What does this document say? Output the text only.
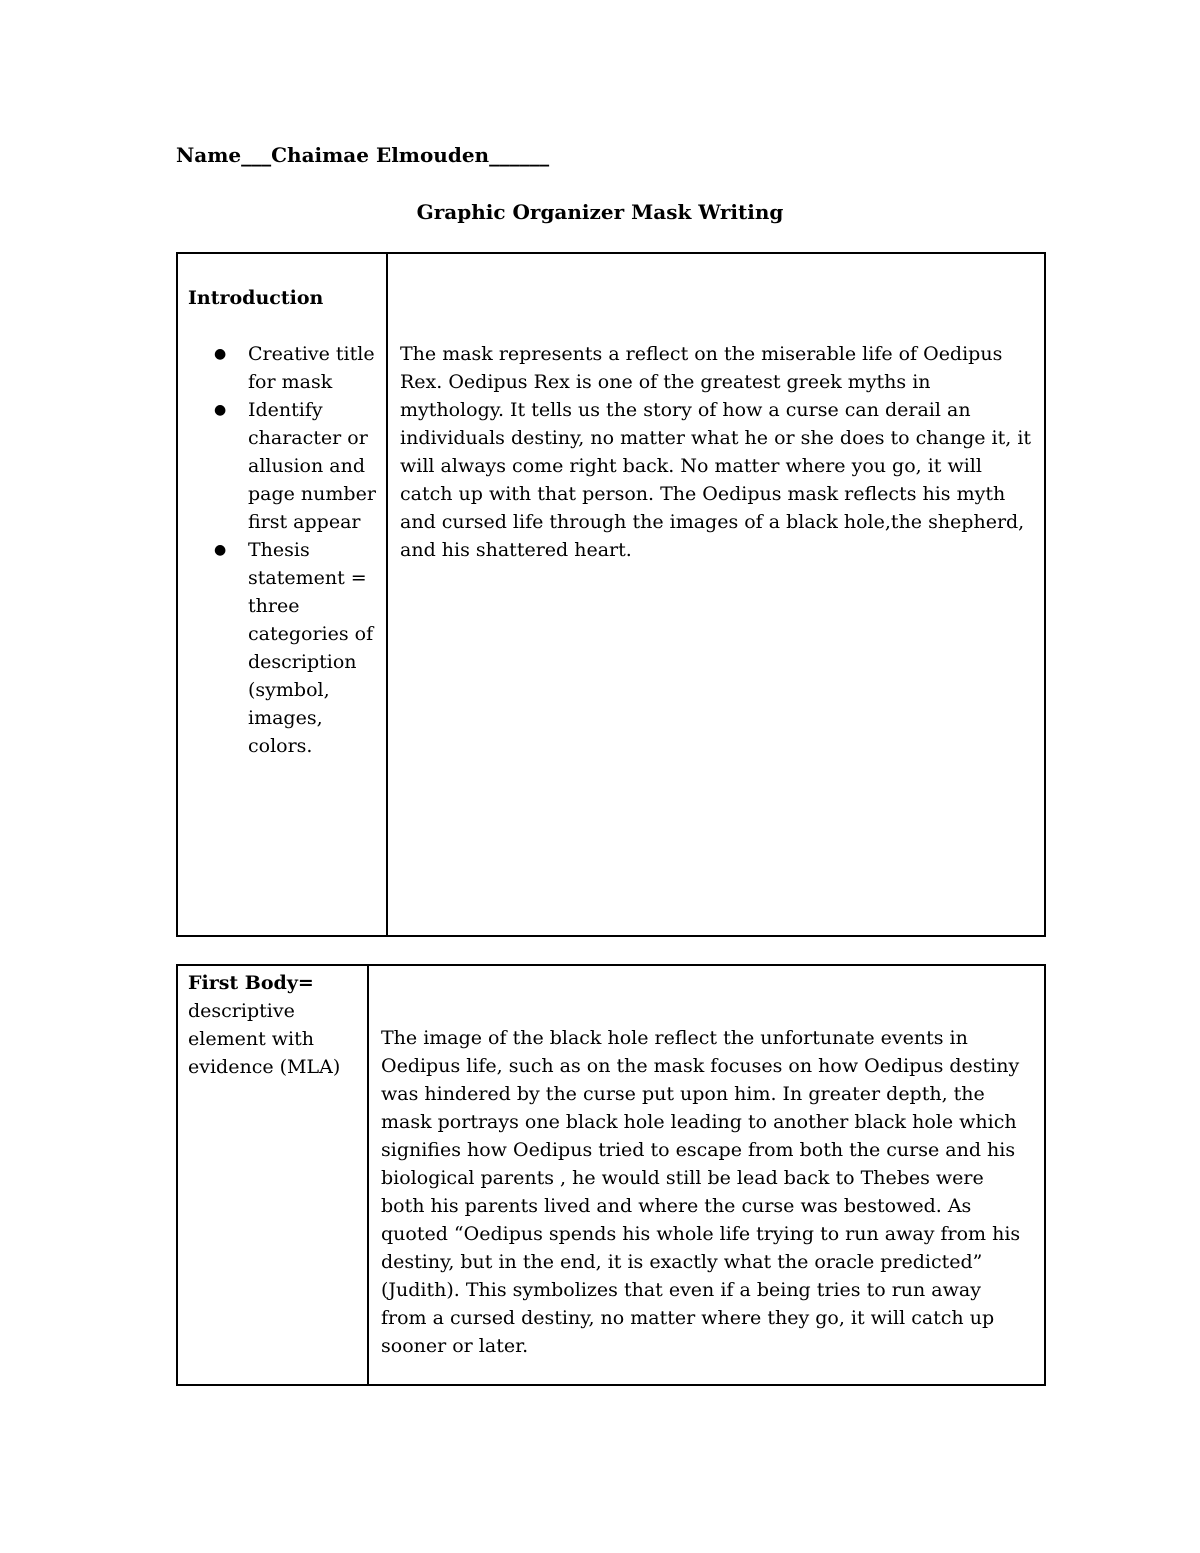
Name___Chaimae Elmouden______
Graphic Organizer Mask Writing
Introduction
● Creative title for mask
● Identify character or allusion and page number first appear
● Thesis statement = three categories of description (symbol, images, colors.
The mask represents a reflect on the miserable life of Oedipus Rex. Oedipus Rex is one of the greatest greek myths in mythology. It tells us the story of how a curse can derail an individuals destiny, no matter what he or she does to change it, it will always come right back. No matter where you go, it will catch up with that person. The Oedipus mask reflects his myth and cursed life through the images of a black hole,the shepherd, and his shattered heart.
First Body= descriptive element with evidence (MLA)
The image of the black hole reflect the unfortunate events in Oedipus life, such as on the mask focuses on how Oedipus destiny was hindered by the curse put upon him. In greater depth, the mask portrays one black hole leading to another black hole which signifies how Oedipus tried to escape from both the curse and his biological parents , he would still be lead back to Thebes were both his parents lived and where the curse was bestowed. As quoted “Oedipus spends his whole life trying to run away from his destiny, but in the end, it is exactly what the oracle predicted” (Judith). This symbolizes that even if a being tries to run away from a cursed destiny, no matter where they go, it will catch up sooner or later.
